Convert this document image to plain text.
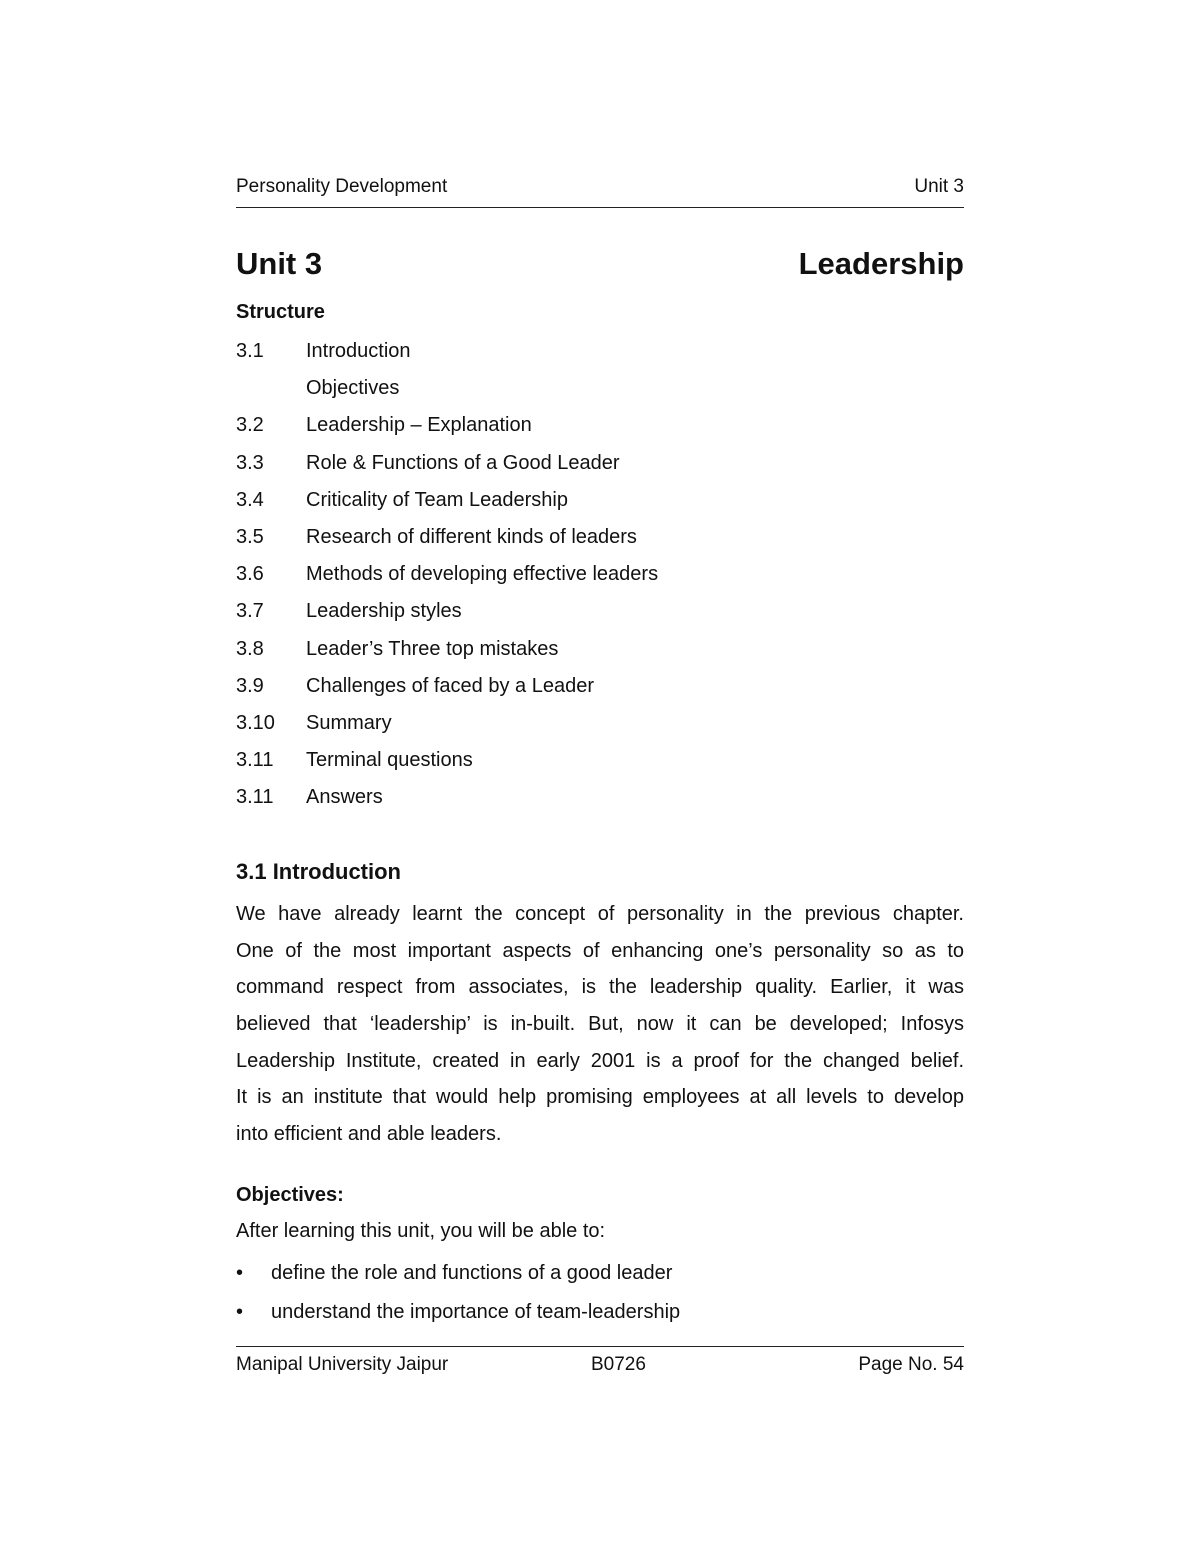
Personality Development	Unit 3
Unit 3	Leadership
Structure
3.1 Introduction
Objectives
3.2 Leadership – Explanation
3.3 Role & Functions of a Good Leader
3.4 Criticality of Team Leadership
3.5 Research of different kinds of leaders
3.6 Methods of developing effective leaders
3.7 Leadership styles
3.8 Leader’s Three top mistakes
3.9 Challenges of faced by a Leader
3.10 Summary
3.11 Terminal questions
3.11 Answers
3.1 Introduction
We have already learnt the concept of personality in the previous chapter.
One of the most important aspects of enhancing one’s personality so as to
command respect from associates, is the leadership quality. Earlier, it was
believed that ‘leadership’ is in-built. But, now it can be developed; Infosys
Leadership Institute, created in early 2001 is a proof for the changed belief.
It is an institute that would help promising employees at all levels to develop
into efficient and able leaders.
Objectives:
After learning this unit, you will be able to:
• define the role and functions of a good leader
• understand the importance of team-leadership
Manipal University Jaipur	B0726	Page No. 54
